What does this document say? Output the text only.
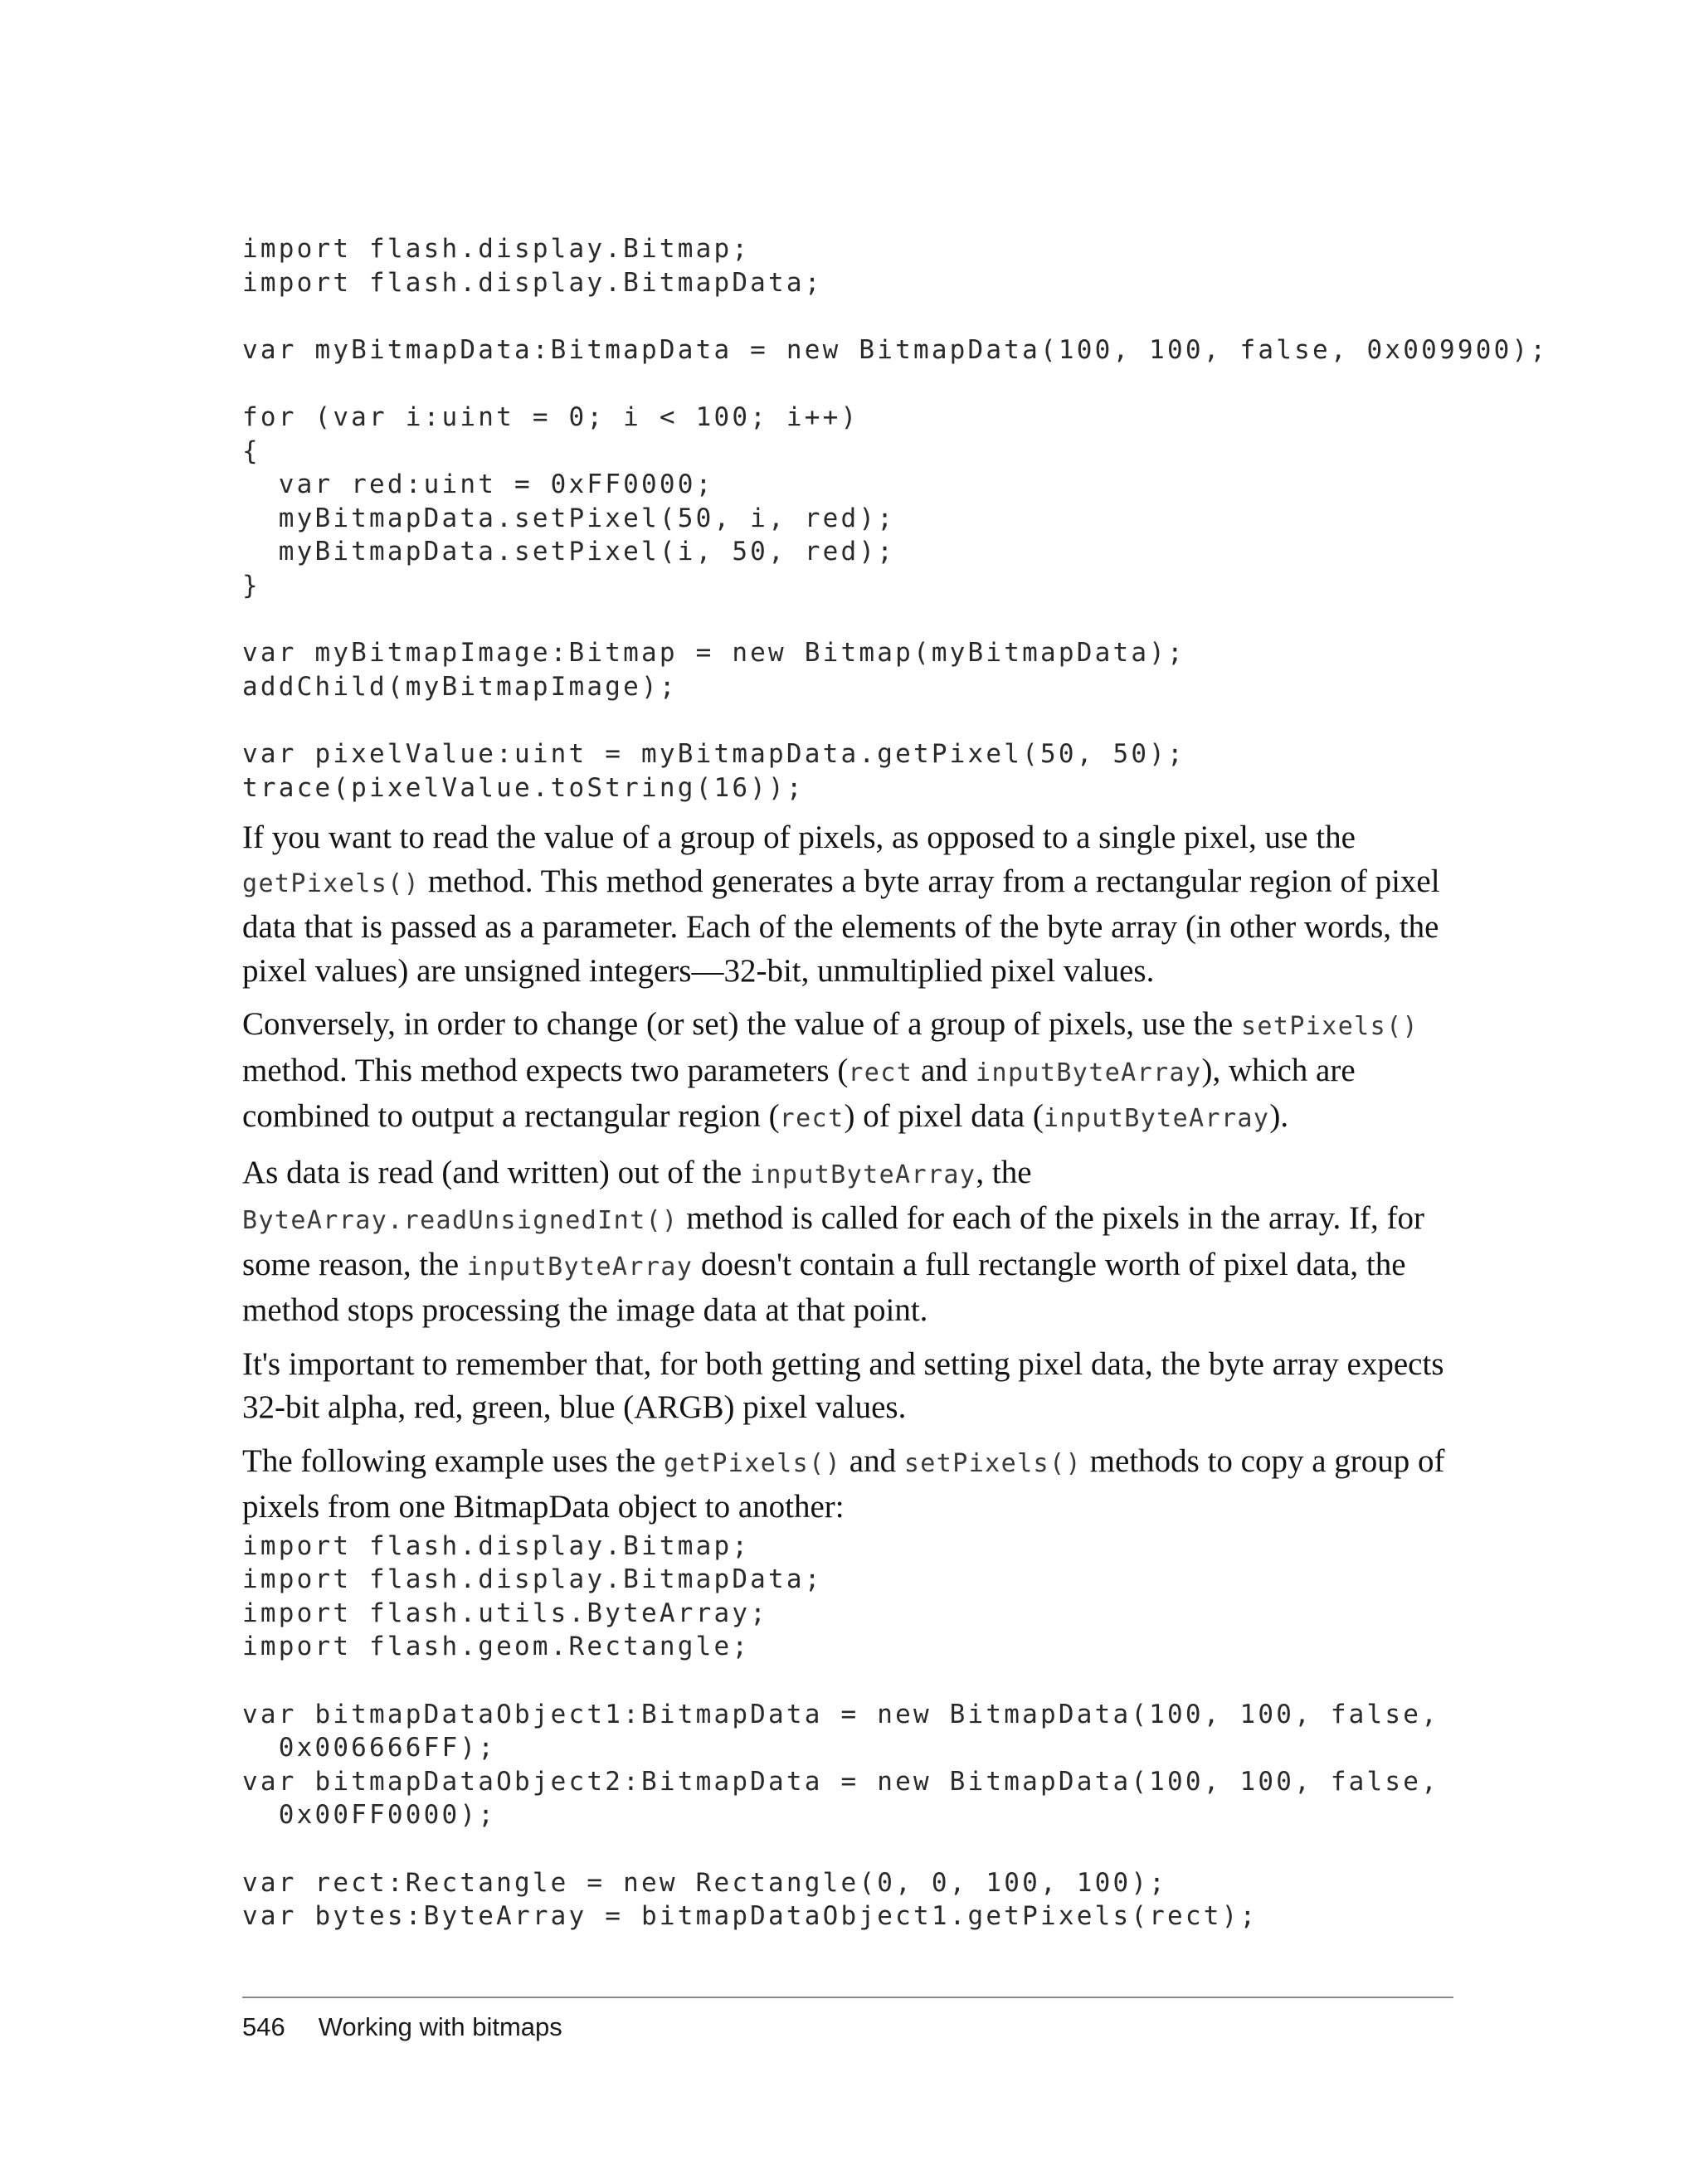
import flash.display.Bitmap;
import flash.display.BitmapData;
var myBitmapData:BitmapData = new BitmapData(100, 100, false, 0x009900);
for (var i:uint = 0; i < 100; i++)
{
var red:uint = 0xFF0000;
myBitmapData.setPixel(50, i, red);
myBitmapData.setPixel(i, 50, red);
}
var myBitmapImage:Bitmap = new Bitmap(myBitmapData);
addChild(myBitmapImage);
var pixelValue:uint = myBitmapData.getPixel(50, 50);
trace(pixelValue.toString(16));

If you want to read the value of a group of pixels, as opposed to a single pixel, use the getPixels() method. This method generates a byte array from a rectangular region of pixel data that is passed as a parameter. Each of the elements of the byte array (in other words, the pixel values) are unsigned integers—32-bit, unmultiplied pixel values.

Conversely, in order to change (or set) the value of a group of pixels, use the setPixels() method. This method expects two parameters (rect and inputByteArray), which are combined to output a rectangular region (rect) of pixel data (inputByteArray).

As data is read (and written) out of the inputByteArray, the
ByteArray.readUnsignedInt() method is called for each of the pixels in the array. If, for some reason, the inputByteArray doesn't contain a full rectangle worth of pixel data, the method stops processing the image data at that point.

It's important to remember that, for both getting and setting pixel data, the byte array expects 32-bit alpha, red, green, blue (ARGB) pixel values.

The following example uses the getPixels() and setPixels() methods to copy a group of pixels from one BitmapData object to another:

import flash.display.Bitmap;
import flash.display.BitmapData;
import flash.utils.ByteArray;
import flash.geom.Rectangle;
var bitmapDataObject1:BitmapData = new BitmapData(100, 100, false,
0x006666FF);
var bitmapDataObject2:BitmapData = new BitmapData(100, 100, false,
0x00FF0000);
var rect:Rectangle = new Rectangle(0, 0, 100, 100);
var bytes:ByteArray = bitmapDataObject1.getPixels(rect);
546 Working with bitmaps
